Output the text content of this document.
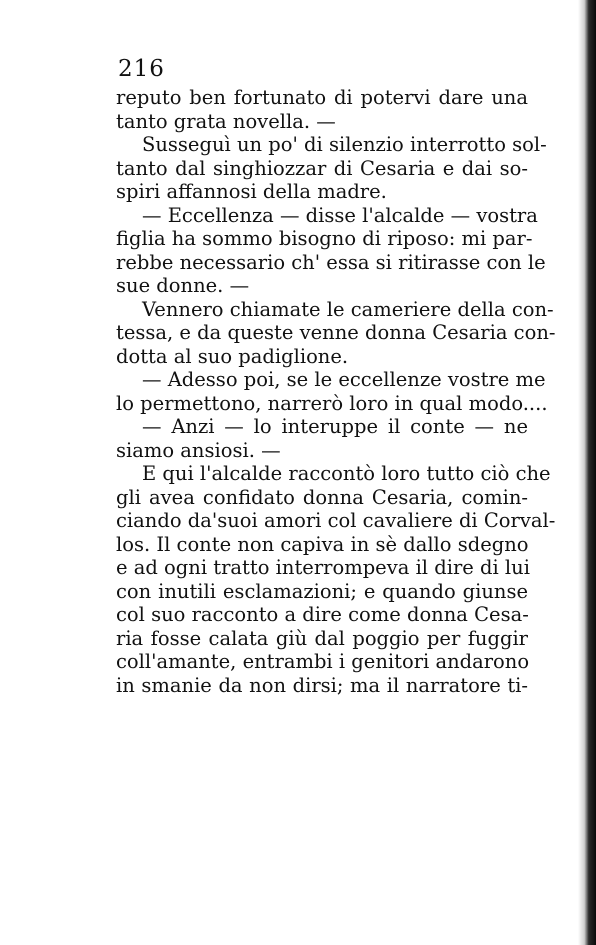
216
reputo ben fortunato di potervi dare una
tanto grata novella. —
Susseguì un po' di silenzio interrotto sol-
tanto dal singhiozzar di Cesaria e dai so-
spiri affannosi della madre.
— Eccellenza — disse l'alcalde — vostra
figlia ha sommo bisogno di riposo: mi par-
rebbe necessario ch' essa si ritirasse con le
sue donne. —
Vennero chiamate le cameriere della con-
tessa, e da queste venne donna Cesaria con-
dotta al suo padiglione.
— Adesso poi, se le eccellenze vostre me
lo permettono, narrerò loro in qual modo....
— Anzi — lo interuppe il conte — ne
siamo ansiosi. —
E qui l'alcalde raccontò loro tutto ciò che
gli avea confidato donna Cesaria, comin-
ciando da'suoi amori col cavaliere di Corval-
los. Il conte non capiva in sè dallo sdegno
e ad ogni tratto interrompeva il dire di lui
con inutili esclamazioni; e quando giunse
col suo racconto a dire come donna Cesa-
ria fosse calata giù dal poggio per fuggir
coll'amante, entrambi i genitori andarono
in smanie da non dirsi; ma il narratore ti-
